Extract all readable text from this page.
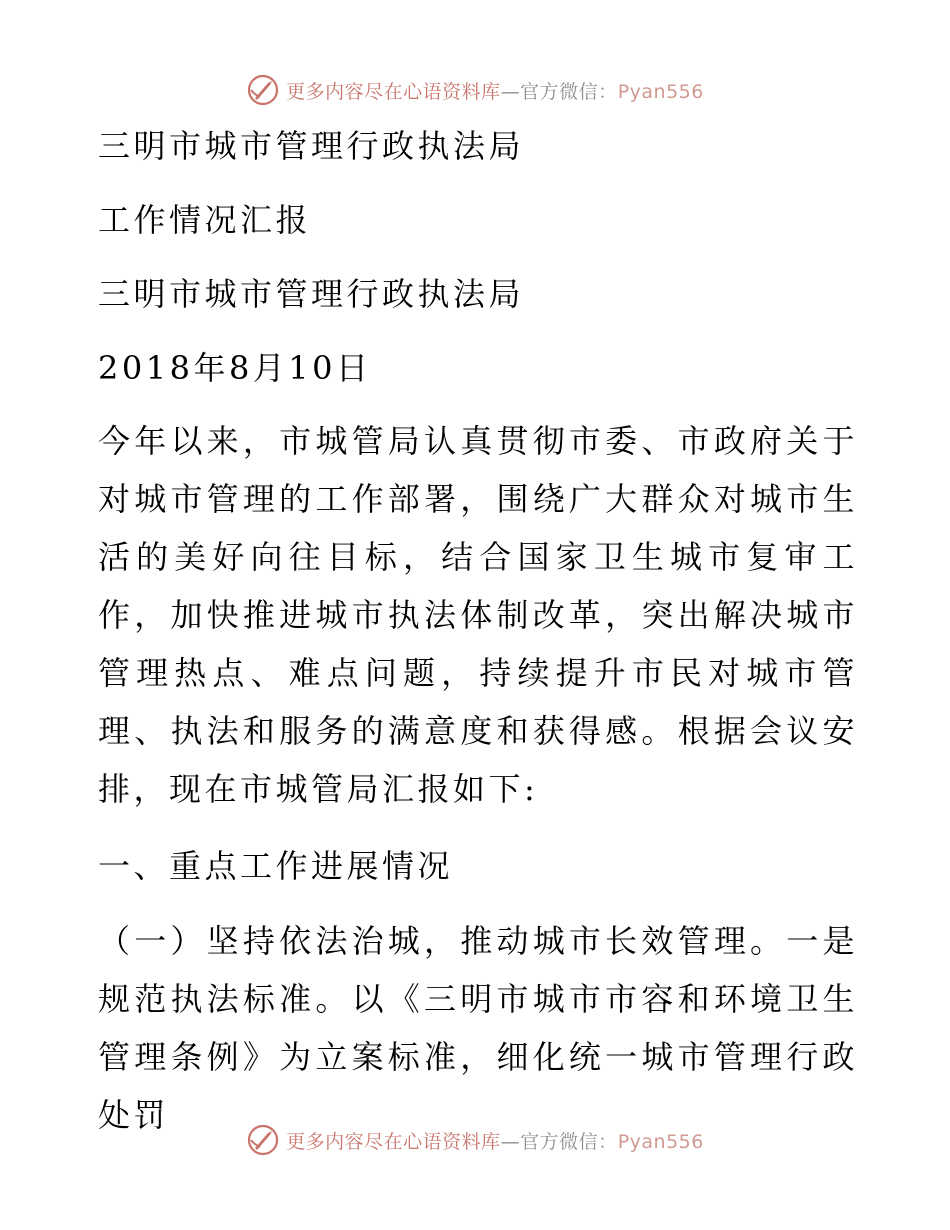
更多内容尽在心语资料库—官方微信：Pyan556
三明市城市管理行政执法局
工作情况汇报
三明市城市管理行政执法局
2018年8月10日

今年以来，市城管局认真贯彻市委、市政府关于对城市管理的工作部署，围绕广大群众对城市生活的美好向往目标，结合国家卫生城市复审工作，加快推进城市执法体制改革，突出解决城市管理热点、难点问题，持续提升市民对城市管理、执法和服务的满意度和获得感。根据会议安排，现在市城管局汇报如下:

一、重点工作进展情况

（一）坚持依法治城，推动城市长效管理。一是规范执法标准。以《三明市城市市容和环境卫生管理条例》为立案标准，细化统一城市管理行政处罚

更多内容尽在心语资料库—官方微信：Pyan556
